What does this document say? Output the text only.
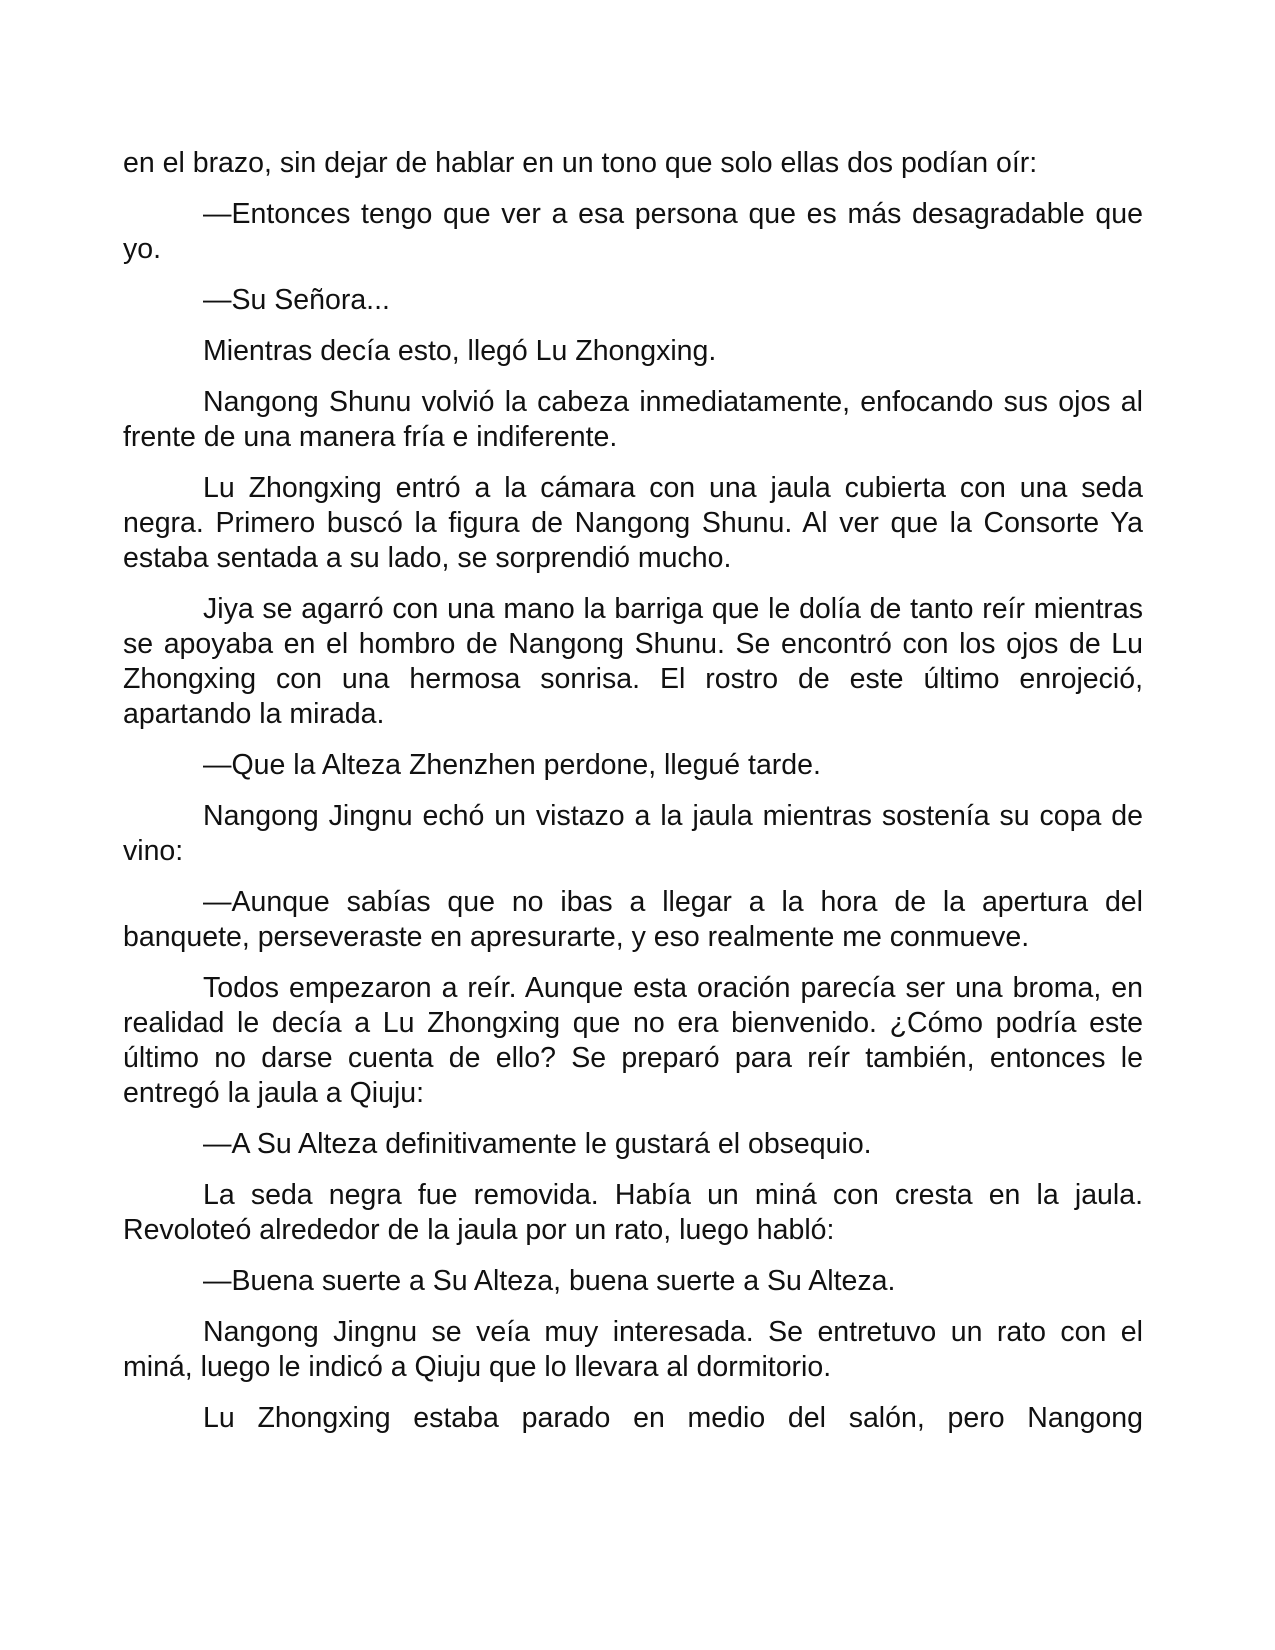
en el brazo, sin dejar de hablar en un tono que solo ellas dos podían oír:

—Entonces tengo que ver a esa persona que es más desagradable que yo.

—Su Señora...

Mientras decía esto, llegó Lu Zhongxing.

Nangong Shunu volvió la cabeza inmediatamente, enfocando sus ojos al frente de una manera fría e indiferente.

Lu Zhongxing entró a la cámara con una jaula cubierta con una seda negra. Primero buscó la figura de Nangong Shunu. Al ver que la Consorte Ya estaba sentada a su lado, se sorprendió mucho.

Jiya se agarró con una mano la barriga que le dolía de tanto reír mientras se apoyaba en el hombro de Nangong Shunu. Se encontró con los ojos de Lu Zhongxing con una hermosa sonrisa. El rostro de este último enrojeció, apartando la mirada.

—Que la Alteza Zhenzhen perdone, llegué tarde.

Nangong Jingnu echó un vistazo a la jaula mientras sostenía su copa de vino:

—Aunque sabías que no ibas a llegar a la hora de la apertura del banquete, perseveraste en apresurarte, y eso realmente me conmueve.

Todos empezaron a reír. Aunque esta oración parecía ser una broma, en realidad le decía a Lu Zhongxing que no era bienvenido. ¿Cómo podría este último no darse cuenta de ello? Se preparó para reír también, entonces le entregó la jaula a Qiuju:

—A Su Alteza definitivamente le gustará el obsequio.

La seda negra fue removida. Había un miná con cresta en la jaula. Revoloteó alrededor de la jaula por un rato, luego habló:

—Buena suerte a Su Alteza, buena suerte a Su Alteza.

Nangong Jingnu se veía muy interesada. Se entretuvo un rato con el miná, luego le indicó a Qiuju que lo llevara al dormitorio.

Lu Zhongxing estaba parado en medio del salón, pero Nangong
